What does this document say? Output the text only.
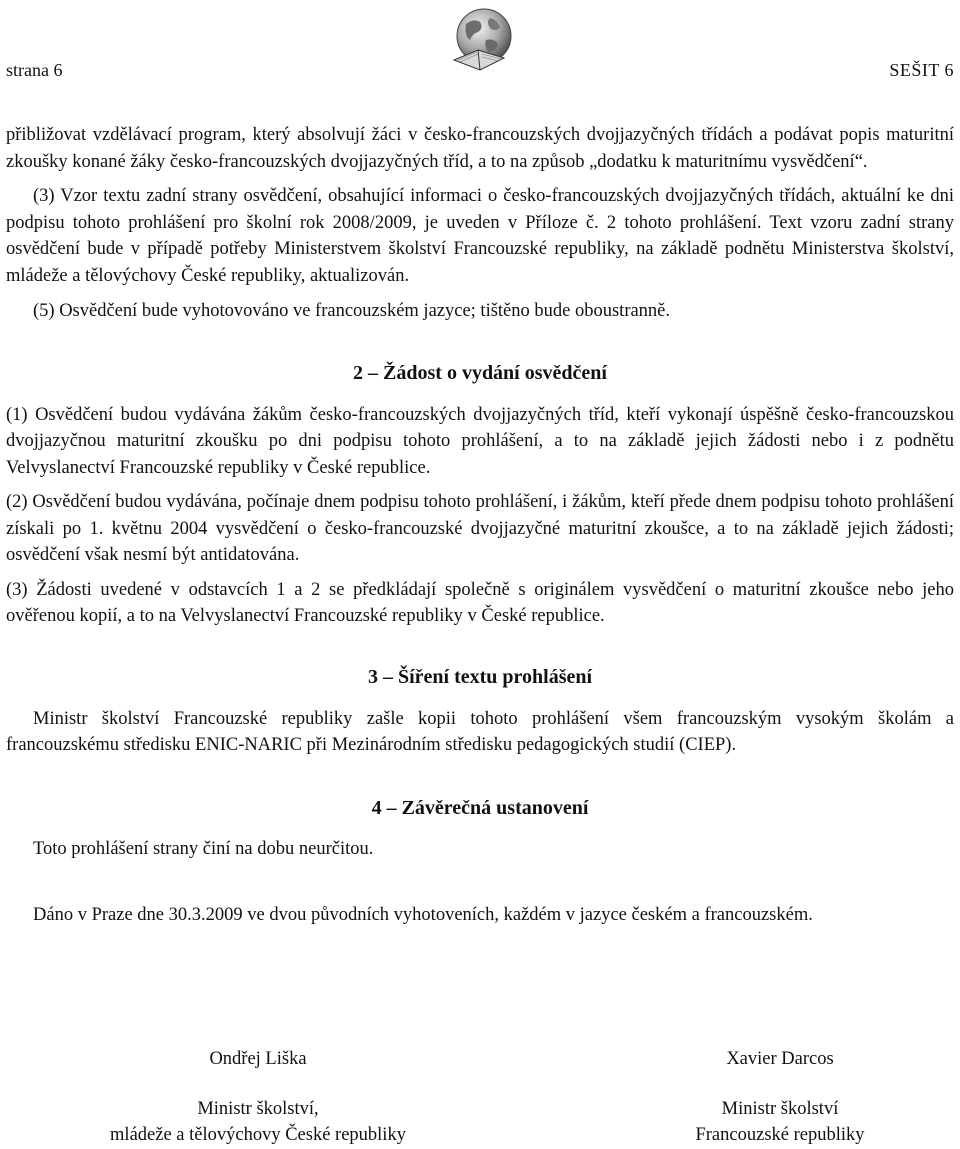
strana 6	SEŠIT 6

přibližovat vzdělávací program, který absolvují žáci v česko-francouzských dvojjazyčných třídách a podávat popis maturitní zkoušky konané žáky česko-francouzských dvojjazyčných tříd, a to na způsob „dodatku k maturitnímu vysvědčení“.

(3) Vzor textu zadní strany osvědčení, obsahující informaci o česko-francouzských dvojjazyčných třídách, aktuální ke dni podpisu tohoto prohlášení pro školní rok 2008/2009, je uveden v Příloze č. 2 tohoto prohlášení. Text vzoru zadní strany osvědčení bude v případě potřeby Ministerstvem školství Francouzské republiky, na základě podnětu Ministerstva školství, mládeže a tělovýchovy České republiky, aktualizován.

(5) Osvědčení bude vyhotovováno ve francouzském jazyce; tištěno bude oboustranně.

2 – Žádost o vydání osvědčení

(1) Osvědčení budou vydávána žákům česko-francouzských dvojjazyčných tříd, kteří vykonají úspěšně česko-francouzskou dvojjazyčnou maturitní zkoušku po dni podpisu tohoto prohlášení, a to na základě jejich žádosti nebo i z podnětu Velvyslanectví Francouzské republiky v České republice.

(2) Osvědčení budou vydávána, počínaje dnem podpisu tohoto prohlášení, i žákům, kteří přede dnem podpisu tohoto prohlášení získali po 1. květnu 2004 vysvědčení o česko-francouzské dvojjazyčné maturitní zkoušce, a to na základě jejich žádosti; osvědčení však nesmí být antidatována.

(3) Žádosti uvedené v odstavcích 1 a 2 se předkládají společně s originálem vysvědčení o maturitní zkoušce nebo jeho ověřenou kopií, a to na Velvyslanectví Francouzské republiky v České republice.

3 – Šíření textu prohlášení

Ministr školství Francouzské republiky zašle kopii tohoto prohlášení všem francouzským vysokým školám a francouzskému středisku ENIC-NARIC při Mezinárodním středisku pedagogických studií (CIEP).

4 – Závěrečná ustanovení

Toto prohlášení strany činí na dobu neurčitou.

Dáno v Praze dne 30.3.2009 ve dvou původních vyhotoveních, každém v jazyce českém a francouzském.

Ondřej Liška
Ministr školství,
mládeže a tělovýchovy České republiky
Xavier Darcos
Ministr školství
Francouzské republiky
